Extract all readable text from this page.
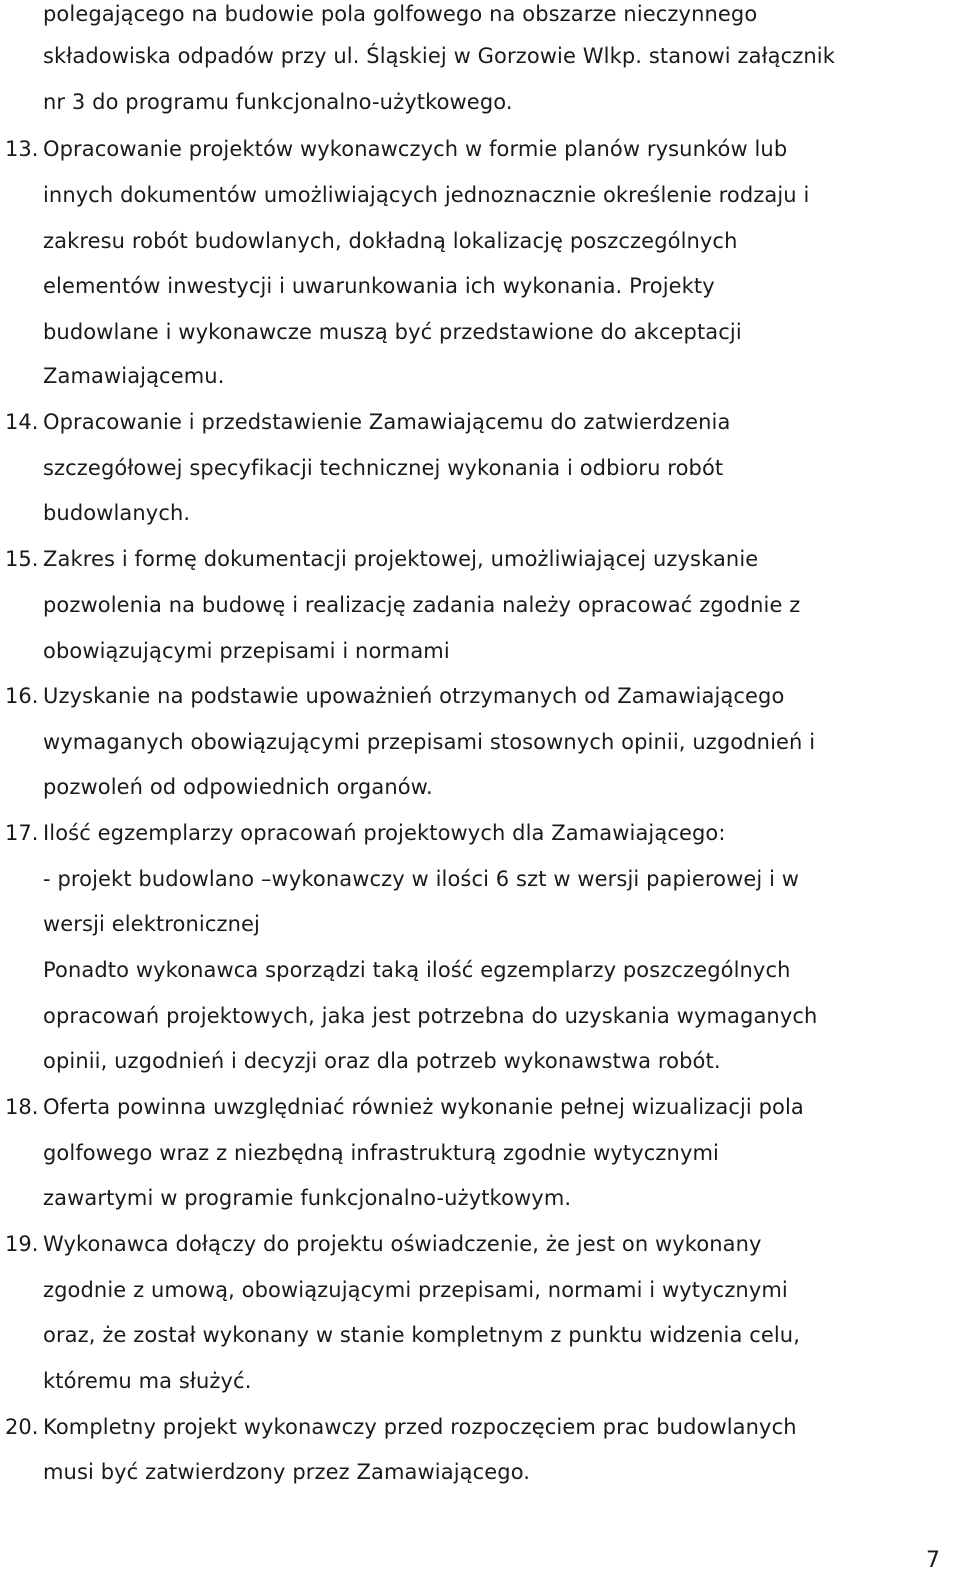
polegającego na budowie pola golfowego na obszarze nieczynnego
składowiska odpadów przy ul. Śląskiej w Gorzowie Wlkp. stanowi załącznik
nr 3 do programu funkcjonalno-użytkowego.
13. Opracowanie projektów wykonawczych w formie planów rysunków lub
innych dokumentów umożliwiających jednoznacznie określenie rodzaju i
zakresu robót budowlanych, dokładną lokalizację poszczególnych
elementów inwestycji i uwarunkowania ich wykonania. Projekty
budowlane i wykonawcze muszą być przedstawione do akceptacji
Zamawiającemu.
14. Opracowanie i przedstawienie Zamawiającemu do zatwierdzenia
szczegółowej specyfikacji technicznej wykonania i odbioru robót
budowlanych.
15. Zakres i formę dokumentacji projektowej, umożliwiającej uzyskanie
pozwolenia na budowę i realizację zadania należy opracować zgodnie z
obowiązującymi przepisami i normami
16. Uzyskanie na podstawie upoważnień otrzymanych od Zamawiającego
wymaganych obowiązującymi przepisami stosownych opinii, uzgodnień i
pozwoleń od odpowiednich organów.
17. Ilość egzemplarzy opracowań projektowych dla Zamawiającego:
- projekt budowlano –wykonawczy w ilości 6 szt w wersji papierowej i w
wersji elektronicznej
Ponadto wykonawca sporządzi taką ilość egzemplarzy poszczególnych
opracowań projektowych, jaka jest potrzebna do uzyskania wymaganych
opinii, uzgodnień i decyzji oraz dla potrzeb wykonawstwa robót.
18. Oferta powinna uwzględniać również wykonanie pełnej wizualizacji pola
golfowego wraz z niezbędną infrastrukturą zgodnie wytycznymi
zawartymi w programie funkcjonalno-użytkowym.
19. Wykonawca dołączy do projektu oświadczenie, że jest on wykonany
zgodnie z umową, obowiązującymi przepisami, normami i wytycznymi
oraz, że został wykonany w stanie kompletnym z punktu widzenia celu,
któremu ma służyć.
20. Kompletny projekt wykonawczy przed rozpoczęciem prac budowlanych
musi być zatwierdzony przez Zamawiającego.
7
